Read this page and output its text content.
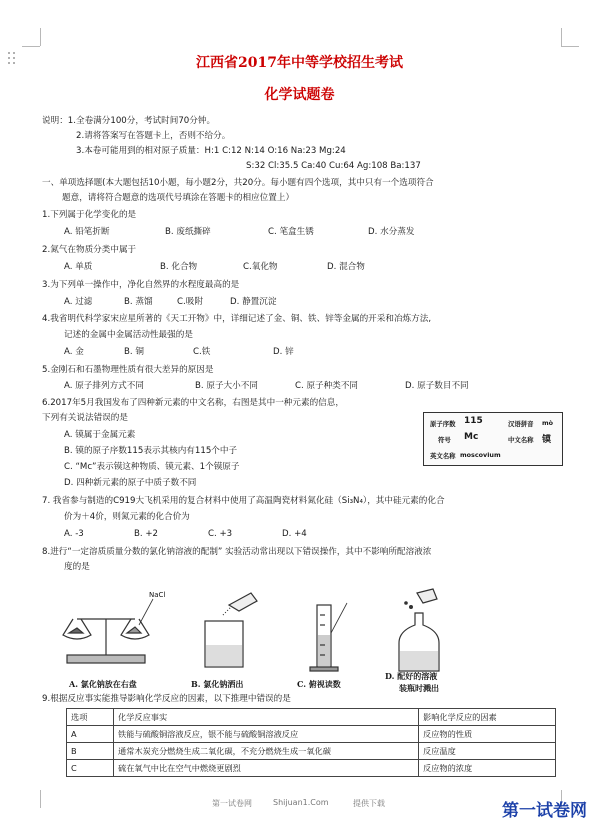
江西省2017年中等学校招生考试
化学试题卷
说明：1.全卷满分100分，考试时间70分钟。
2.请将答案写在答题卡上，否则不给分。
3.本卷可能用到的相对原子质量：H:1 C:12 N:14 O:16 Na:23 Mg:24
S:32 Cl:35.5 Ca:40 Cu:64 Ag:108 Ba:137
一、单项选择题(本大题包括10小题，每小题2分，共20分。每小题有四个选项，其中只有一个选项符合
题意，请将符合题意的选项代号填涂在答题卡的相应位置上）
1.下列属于化学变化的是
A. 铅笔折断	B. 废纸撕碎	C. 笔盒生锈	D. 水分蒸发
2.氮气在物质分类中属于
A. 单质	B. 化合物	C.氧化物	D. 混合物
3.为下列单一操作中，净化自然界的水程度最高的是
A. 过滤	B. 蒸馏	C.吸附	D. 静置沉淀
4.我省明代科学家宋应星所著的《天工开物》中，详细记述了金、铜、铁、锌等金属的开采和冶炼方法,
记述的金属中金属活动性最强的是
A. 金	B. 铜	C.铁	D. 锌
5.金刚石和石墨物理性质有很大差异的原因是
A. 原子排列方式不同	B. 原子大小不同	C. 原子种类不同	D. 原子数目不同
6.2017年5月我国发布了四种新元素的中文名称，右图是其中一种元素的信息，
下列有关说法错误的是
A. 镆属于金属元素
B. 镆的原子序数115表示其核内有115个中子
C. “Mc”表示镆这种物质、镆元素、1个镆原子
D. 四种新元素的原子中质子数不同
原子序数 115	汉语拼音 mò
符号 Mc	中文名称 镆
英文名称 moscovium
7. 我省参与制造的C919大飞机采用的复合材料中使用了高温陶瓷材料氮化硅（Si₃N₄），其中硅元素的化合
价为＋4价，则氮元素的化合价为
A. -3	B. +2	C. +3	D. +4
8.进行“一定溶质质量分数的氯化钠溶液的配制” 实验活动常出现以下错误操作，其中不影响所配溶液浓
度的是
NaCl
A. 氯化钠放在右盘	B. 氯化钠洒出	C. 俯视读数
D. 配好的溶液
装瓶时溅出
9.根据反应事实能推导影响化学反应的因素，以下推理中错误的是
选项	化学反应事实	影响化学反应的因素
A	铁能与硫酸铜溶液反应，银不能与硫酸铜溶液反应	反应物的性质
B	通常木炭充分燃烧生成二氧化碳，不充分燃烧生成一氧化碳	反应温度
C	硫在氧气中比在空气中燃烧更剧烈	反应物的浓度
第一试卷网	Shijuan1.Com	提供下载	第一试卷网
